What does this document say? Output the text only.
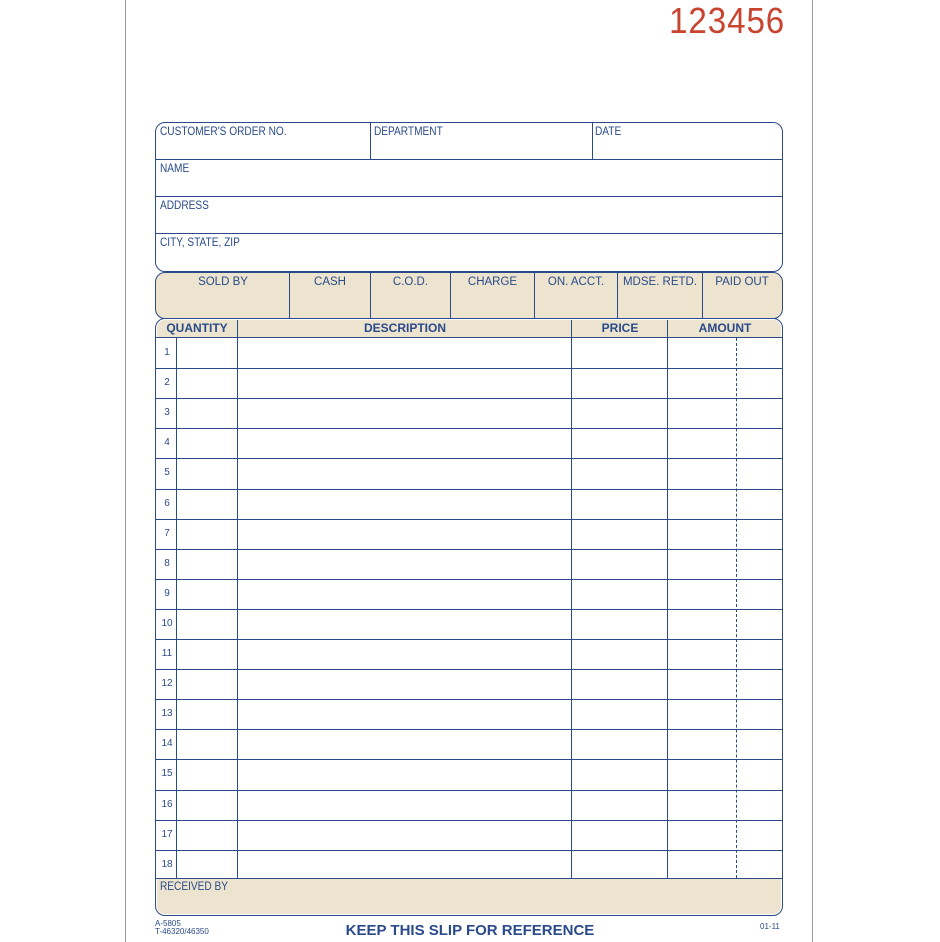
123456
CUSTOMER'S ORDER NO.	DEPARTMENT	DATE
NAME
ADDRESS
CITY, STATE, ZIP
SOLD BY	CASH	C.O.D.	CHARGE	ON. ACCT.	MDSE. RETD.	PAID OUT
QUANTITY	DESCRIPTION	PRICE	AMOUNT
1
2
3
4
5
6
7
8
9
10
11
12
13
14
15
16
17
18
RECEIVED BY
A-5805
T-46320/46350
01-11
KEEP THIS SLIP FOR REFERENCE
